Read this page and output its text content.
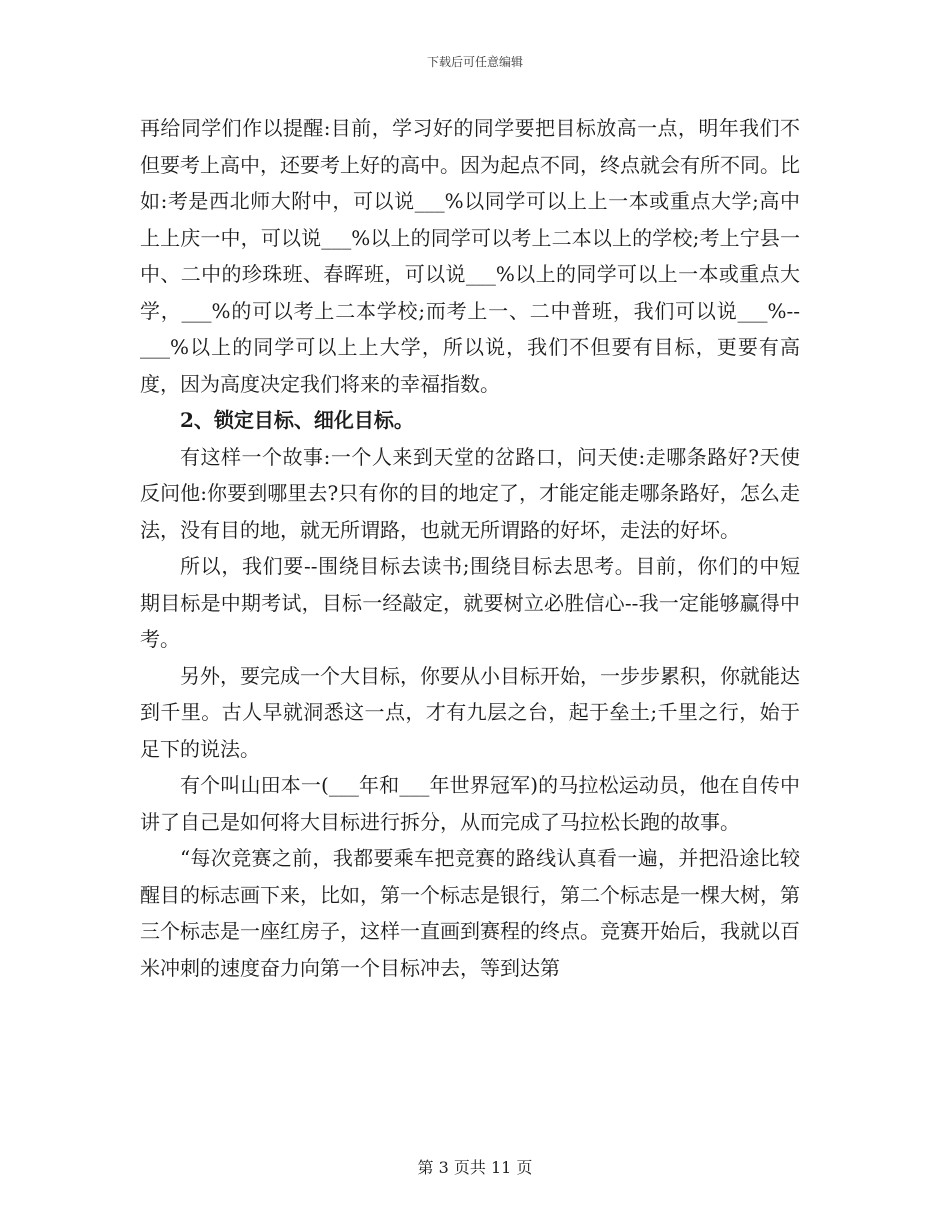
下载后可任意编辑

再给同学们作以提醒:目前，学习好的同学要把目标放高一点，明年我们不但要考上高中，还要考上好的高中。因为起点不同，终点就会有所不同。比如:考是西北师大附中，可以说___%以同学可以上上一本或重点大学;高中上上庆一中，可以说___%以上的同学可以考上二本以上的学校;考上宁县一中、二中的珍珠班、春晖班，可以说___%以上的同学可以上一本或重点大学，___%的可以考上二本学校;而考上一、二中普班，我们可以说___%--___%以上的同学可以上上大学，所以说，我们不但要有目标，更要有高度，因为高度决定我们将来的幸福指数。

2、锁定目标、细化目标。

有这样一个故事:一个人来到天堂的岔路口，问天使:走哪条路好?天使反问他:你要到哪里去?只有你的目的地定了，才能定能走哪条路好，怎么走法，没有目的地，就无所谓路，也就无所谓路的好坏，走法的好坏。

所以，我们要--围绕目标去读书;围绕目标去思考。目前，你们的中短期目标是中期考试，目标一经敲定，就要树立必胜信心--我一定能够赢得中考。

另外，要完成一个大目标，你要从小目标开始，一步步累积，你就能达到千里。古人早就洞悉这一点，才有九层之台，起于垒土;千里之行，始于足下的说法。

有个叫山田本一(___年和___年世界冠军)的马拉松运动员，他在自传中讲了自己是如何将大目标进行拆分，从而完成了马拉松长跑的故事。

“每次竞赛之前，我都要乘车把竞赛的路线认真看一遍，并把沿途比较醒目的标志画下来，比如，第一个标志是银行，第二个标志是一棵大树，第三个标志是一座红房子，这样一直画到赛程的终点。竞赛开始后，我就以百米冲刺的速度奋力向第一个目标冲去，等到达第

第 3 页共 11 页
